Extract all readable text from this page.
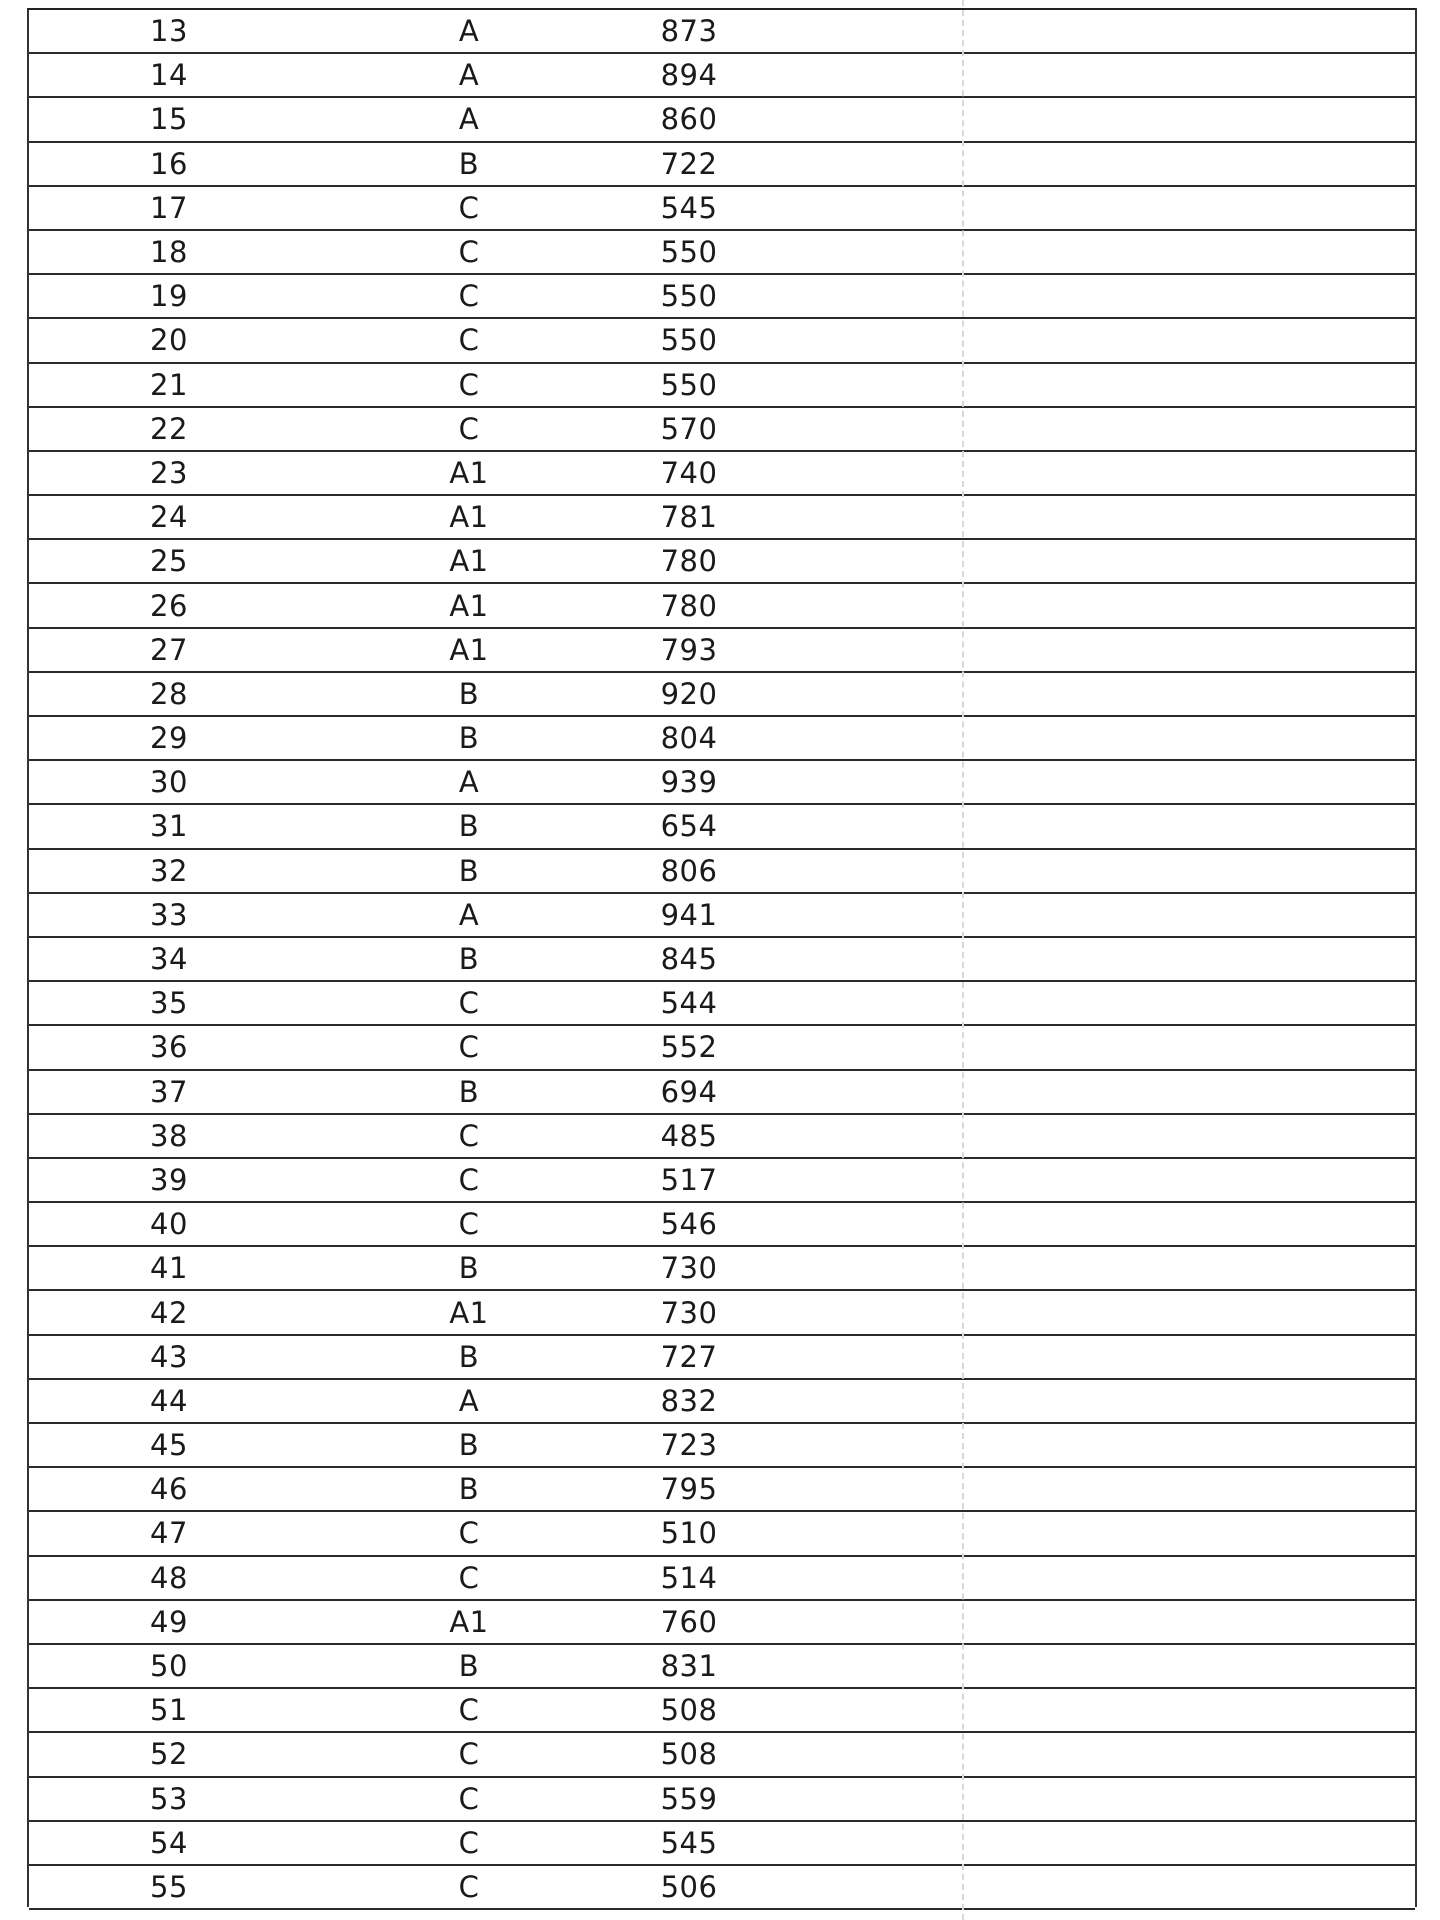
13	A	873
14	A	894
15	A	860
16	B	722
17	C	545
18	C	550
19	C	550
20	C	550
21	C	550
22	C	570
23	A1	740
24	A1	781
25	A1	780
26	A1	780
27	A1	793
28	B	920
29	B	804
30	A	939
31	B	654
32	B	806
33	A	941
34	B	845
35	C	544
36	C	552
37	B	694
38	C	485
39	C	517
40	C	546
41	B	730
42	A1	730
43	B	727
44	A	832
45	B	723
46	B	795
47	C	510
48	C	514
49	A1	760
50	B	831
51	C	508
52	C	508
53	C	559
54	C	545
55	C	506
